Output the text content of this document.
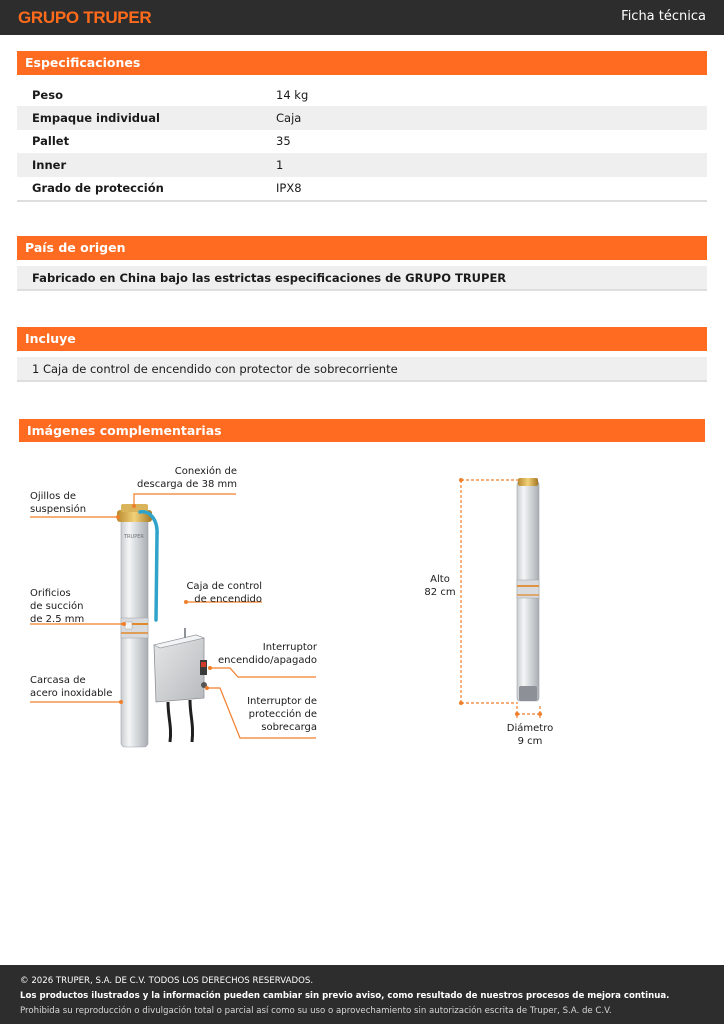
GRUPO TRUPER	Ficha técnica
Especificaciones
Peso	14 kg
Empaque individual	Caja
Pallet	35
Inner	1
Grado de protección	IPX8
País de origen
Fabricado en China bajo las estrictas especificaciones de GRUPO TRUPER
Incluye
1 Caja de control de encendido con protector de sobrecorriente
Imágenes complementarias
TRUPER
Conexión de
descarga de 38 mm
Ojillos de
suspensión
Caja de control
de encendido
Orificios
de succión
de 2.5 mm
Interruptor
encendido/apagado
Carcasa de
acero inoxidable
Interruptor de
protección de
sobrecarga
Alto
82 cm
Diámetro
9 cm
© 2026 TRUPER, S.A. DE C.V. TODOS LOS DERECHOS RESERVADOS.
Los productos ilustrados y la información pueden cambiar sin previo aviso, como resultado de nuestros procesos de mejora continua.
Prohibida su reproducción o divulgación total o parcial así como su uso o aprovechamiento sin autorización escrita de Truper, S.A. de C.V.
